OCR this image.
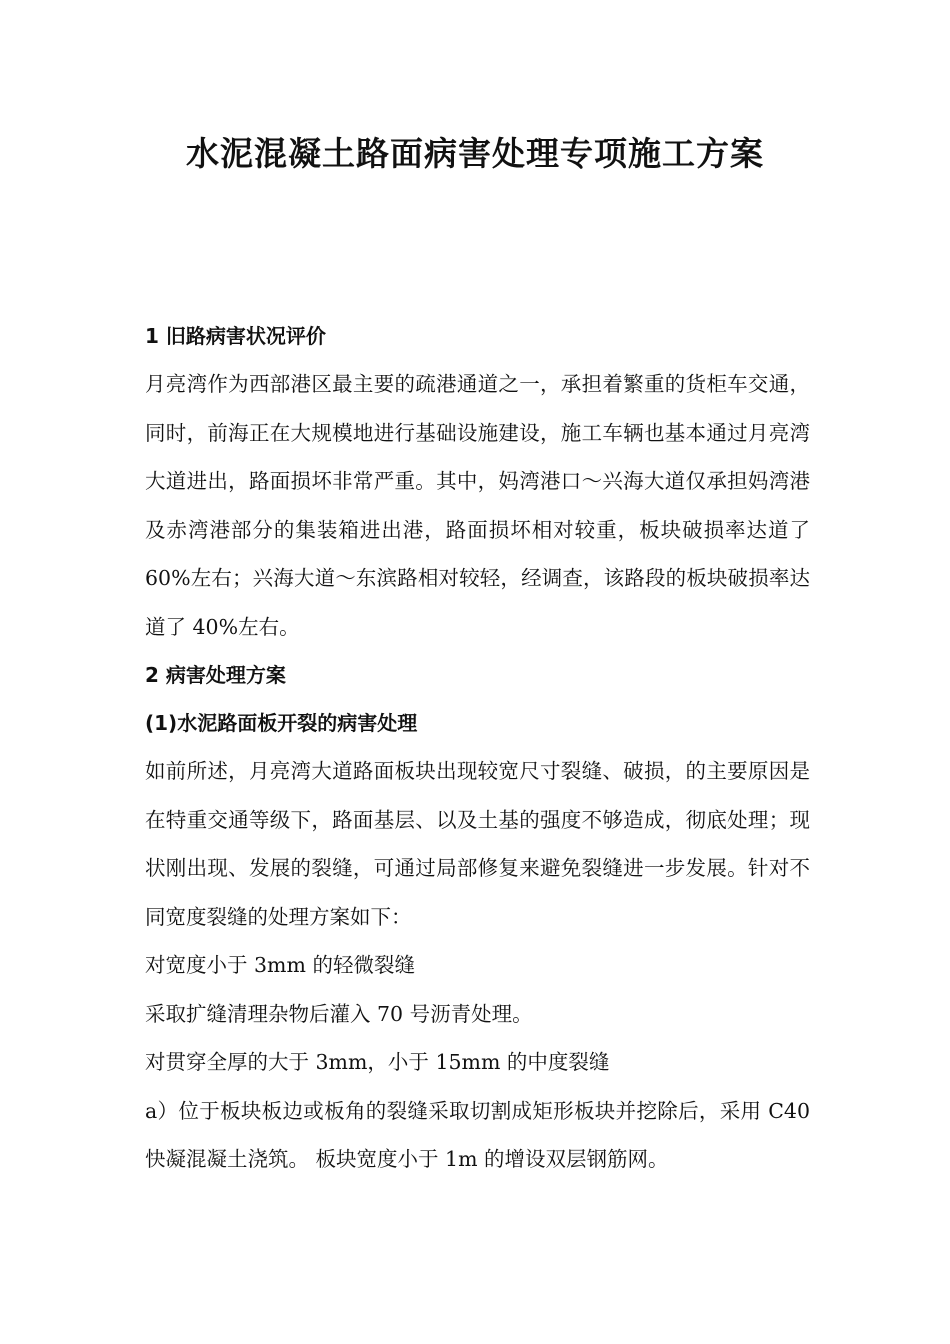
水泥混凝土路面病害处理专项施工方案

1 旧路病害状况评价

月亮湾作为西部港区最主要的疏港通道之一，承担着繁重的货柜车交通，同时，前海正在大规模地进行基础设施建设，施工车辆也基本通过月亮湾大道进出，路面损坏非常严重。其中，妈湾港口～兴海大道仅承担妈湾港及赤湾港部分的集装箱进出港，路面损坏相对较重，板块破损率达道了 60%左右；兴海大道～东滨路相对较轻，经调查，该路段的板块破损率达道了 40%左右。

2 病害处理方案

(1)水泥路面板开裂的病害处理

如前所述，月亮湾大道路面板块出现较宽尺寸裂缝、破损，的主要原因是在特重交通等级下，路面基层、以及土基的强度不够造成，彻底处理；现状刚出现、发展的裂缝，可通过局部修复来避免裂缝进一步发展。针对不同宽度裂缝的处理方案如下：

对宽度小于 3mm 的轻微裂缝

采取扩缝清理杂物后灌入 70 号沥青处理。

对贯穿全厚的大于 3mm，小于 15mm 的中度裂缝

a）位于板块板边或板角的裂缝采取切割成矩形板块并挖除后，采用 C40 快凝混凝土浇筑。 板块宽度小于 1m 的增设双层钢筋网。
